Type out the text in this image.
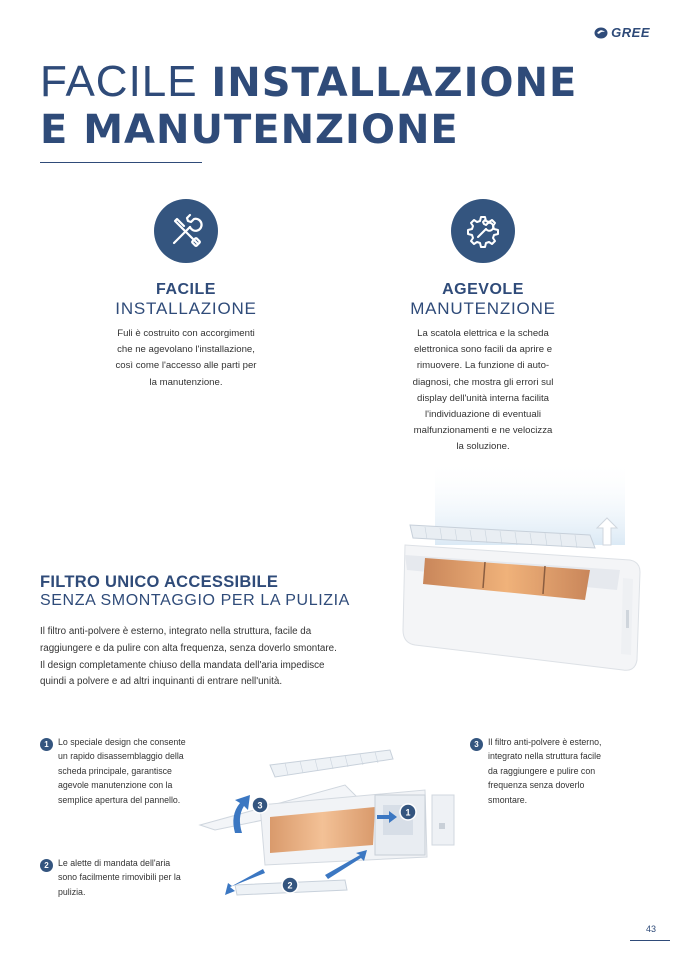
GREE
FACILE INSTALLAZIONE
E MANUTENZIONE
FACILE
INSTALLAZIONE
Fuli è costruito con accorgimenti
che ne agevolano l'installazione,
così come l'accesso alle parti per
la manutenzione.
AGEVOLE
MANUTENZIONE
La scatola elettrica e la scheda
elettronica sono facili da aprire e
rimuovere. La funzione di auto-
diagnosi, che mostra gli errori sul
display dell'unità interna facilita
l'individuazione di eventuali
malfunzionamenti e ne velocizza
la soluzione.
FILTRO UNICO ACCESSIBILE
SENZA SMONTAGGIO PER LA PULIZIA
Il filtro anti-polvere è esterno, integrato nella struttura, facile da
raggiungere e da pulire con alta frequenza, senza doverlo smontare.
Il design completamente chiuso della mandata dell'aria impedisce
quindi a polvere e ad altri inquinanti di entrare nell'unità.
1	Lo speciale design che consente
un rapido disassemblaggio della
scheda principale, garantisce
agevole manutenzione con la
semplice apertura del pannello.
2	Le alette di mandata dell'aria
sono facilmente rimovibili per la
pulizia.
3	Il filtro anti-polvere è esterno,
integrato nella struttura facile
da raggiungere e pulire con
frequenza senza doverlo
smontare.
3
1
2
43
